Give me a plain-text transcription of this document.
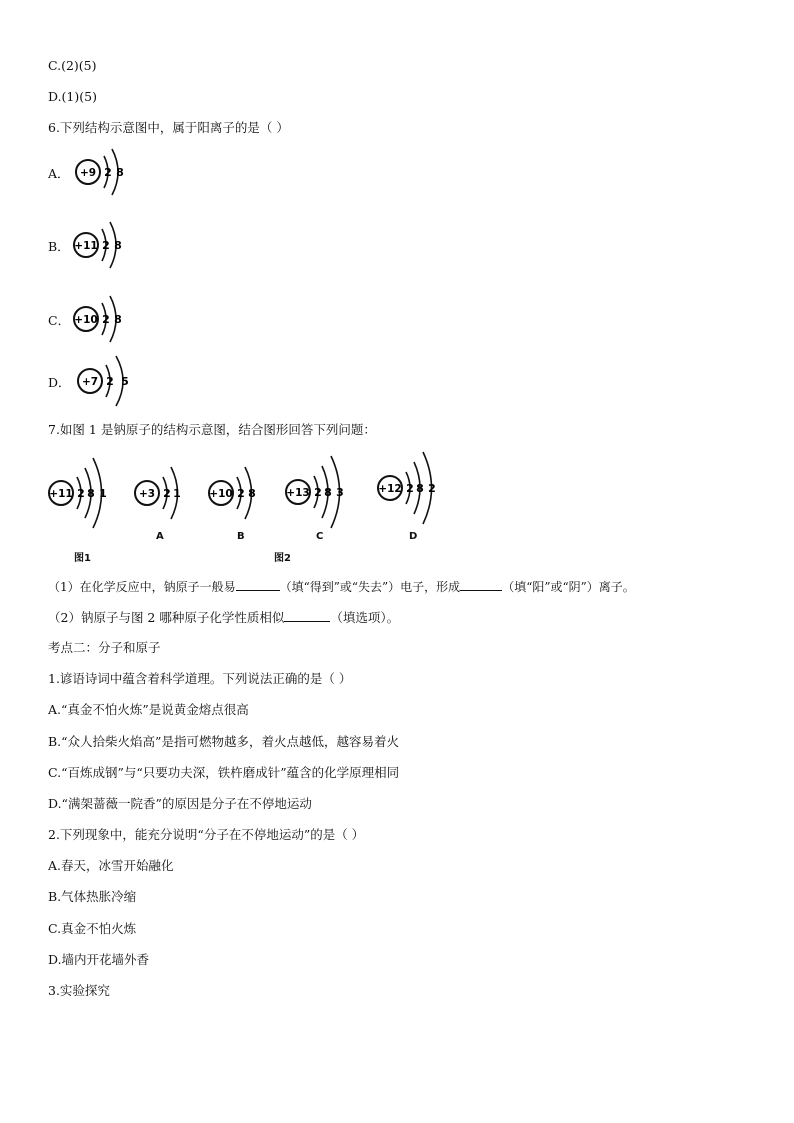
C.(2)(5)
D.(1)(5)
6.下列结构示意图中，属于阳离子的是（ ）
A． +9 2 8
B． +11 2 8
C． +10 2 8
D． +7 2 5
7.如图 1 是钠原子的结构示意图，结合图形回答下列问题：
+11 2 8 1	+3 2 1	+10 2 8	+13 2 8 3	+12 2 8 2
A	B	C	D
图1	图2
（1）在化学反应中，钠原子一般易	（填“得到”或“失去”）电子，形成	（填“阳”或“阴”）离子。
（2）钠原子与图 2 哪种原子化学性质相似	（填选项）。
考点二：分子和原子
1.谚语诗词中蕴含着科学道理。下列说法正确的是（ ）
A.“真金不怕火炼”是说黄金熔点很高
B.“众人拾柴火焰高”是指可燃物越多，着火点越低，越容易着火
C.“百炼成钢”与“只要功夫深，铁杵磨成针”蕴含的化学原理相同
D.“满架蔷薇一院香”的原因是分子在不停地运动
2.下列现象中，能充分说明“分子在不停地运动”的是（ ）
A.春天，冰雪开始融化
B.气体热胀冷缩
C.真金不怕火炼
D.墙内开花墙外香
3.实验探究
